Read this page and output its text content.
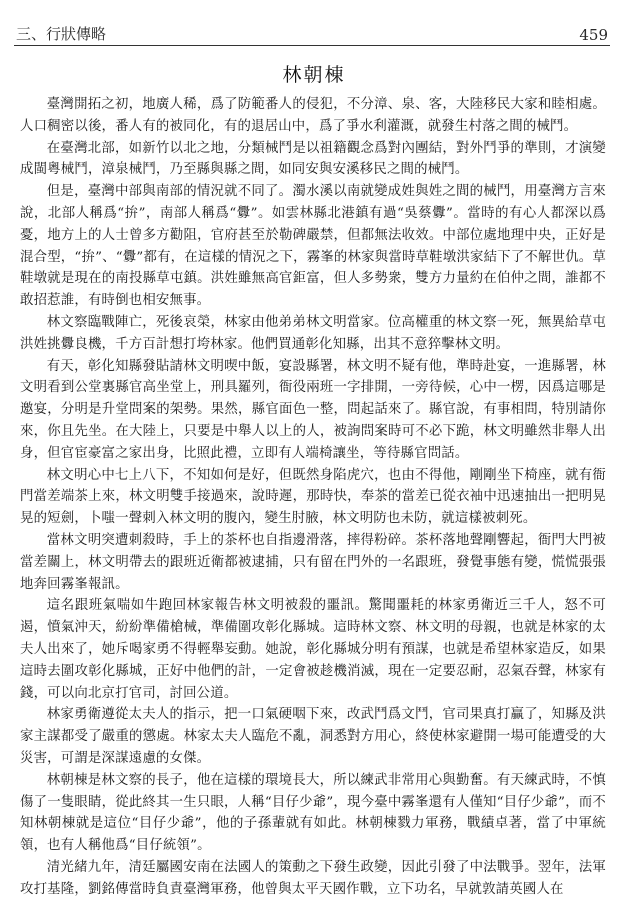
三、行狀傳略	459
林朝棟

臺灣開拓之初，地廣人稀，爲了防範番人的侵犯，不分漳、泉、客，大陸移民大家和睦相處。人口稠密以後，番人有的被同化，有的退居山中，爲了爭水利灌溉，就發生村落之間的械鬥。

在臺灣北部，如新竹以北之地，分類械鬥是以祖籍觀念爲對內團結，對外鬥爭的準則，才演變成閩粵械鬥，漳泉械鬥，乃至縣與縣之間，如同安與安溪移民之間的械鬥。

但是，臺灣中部與南部的情況就不同了。濁水溪以南就變成姓與姓之間的械鬥，用臺灣方言來說，北部人稱爲“拚”，南部人稱爲“釁”。如雲林縣北港鎮有過“吳蔡釁”。當時的有心人都深以爲憂，地方上的人士曾多方勸阻，官府甚至於勒碑嚴禁，但都無法收效。中部位處地理中央，正好是混合型，“拚”、“釁”都有，在這樣的情況之下，霧峯的林家與當時草鞋墩洪家結下了不解世仇。草鞋墩就是現在的南投縣草屯鎮。洪姓雖無高官鉅富，但人多勢衆，雙方力量約在伯仲之間，誰都不敢招惹誰，有時倒也相安無事。

林文察臨戰陣亡，死後哀榮，林家由他弟弟林文明當家。位高權重的林文察一死，無異給草屯洪姓挑釁良機，千方百計想打垮林家。他們買通彰化知縣，出其不意猝擊林文明。

有天，彰化知縣發貼請林文明喫中飯，宴設縣署，林文明不疑有他，準時赴宴，一進縣署，林文明看到公堂裏縣官高坐堂上，刑具羅列，衙役兩班一字排開，一旁待候，心中一楞，因爲這哪是邀宴，分明是升堂問案的架勢。果然，縣官面色一整，問起話來了。縣官說，有事相問，特別請你來，你且先坐。在大陸上，只要是中舉人以上的人，被詢問案時可不必下跪，林文明雖然非舉人出身，但官宦豪富之家出身，比照此禮，立即有人端椅讓坐，等待縣官問話。

林文明心中七上八下，不知如何是好，但既然身陷虎穴，也由不得他，剛剛坐下椅座，就有衙門當差端茶上來，林文明雙手接過來，說時遲，那時快，奉茶的當差已從衣袖中迅速抽出一把明晃晃的短劍，卜嗤一聲刺入林文明的腹內，變生肘腋，林文明防也未防，就這樣被刺死。

當林文明突遭刺殺時，手上的茶杯也自指邊滑落，摔得粉碎。茶杯落地聲剛響起，衙門大門被當差關上，林文明帶去的跟班近衛都被逮捕，只有留在門外的一名跟班，發覺事態有變，慌慌張張地奔回霧峯報訊。

這名跟班氣喘如牛跑回林家報告林文明被殺的噩訊。驚聞噩耗的林家勇衛近三千人，怒不可遏，憤氣沖天，紛紛準備槍械，準備圍攻彰化縣城。這時林文察、林文明的母親，也就是林家的太夫人出來了，她斥喝家勇不得輕舉妄動。她說，彰化縣城分明有預謀，也就是希望林家造反，如果這時去圍攻彰化縣城，正好中他們的計，一定會被趁機消滅，現在一定要忍耐，忍氣吞聲，林家有錢，可以向北京打官司，討回公道。

林家勇衛遵從太夫人的指示，把一口氣硬咽下來，改武鬥爲文鬥，官司果真打贏了，知縣及洪家主謀都受了嚴重的懲處。林家太夫人臨危不亂，洞悉對方用心，終使林家避開一場可能遭受的大災害，可謂是深謀遠慮的女傑。

林朝棟是林文察的長子，他在這樣的環境長大，所以練武非常用心與勤奮。有天練武時，不慎傷了一隻眼睛，從此終其一生只眼，人稱“目仔少爺”，現今臺中霧峯還有人僅知“目仔少爺”，而不知林朝棟就是這位“目仔少爺”，他的子孫輩就有如此。林朝棟戮力軍務，戰績卓著，當了中軍統領，也有人稱他爲“目仔統領”。

清光緒九年，清廷屬國安南在法國人的策動之下發生政變，因此引發了中法戰爭。翌年，法軍攻打基隆，劉銘傳當時負責臺灣軍務，他曾與太平天國作戰，立下功名，早就敦請英國人在
